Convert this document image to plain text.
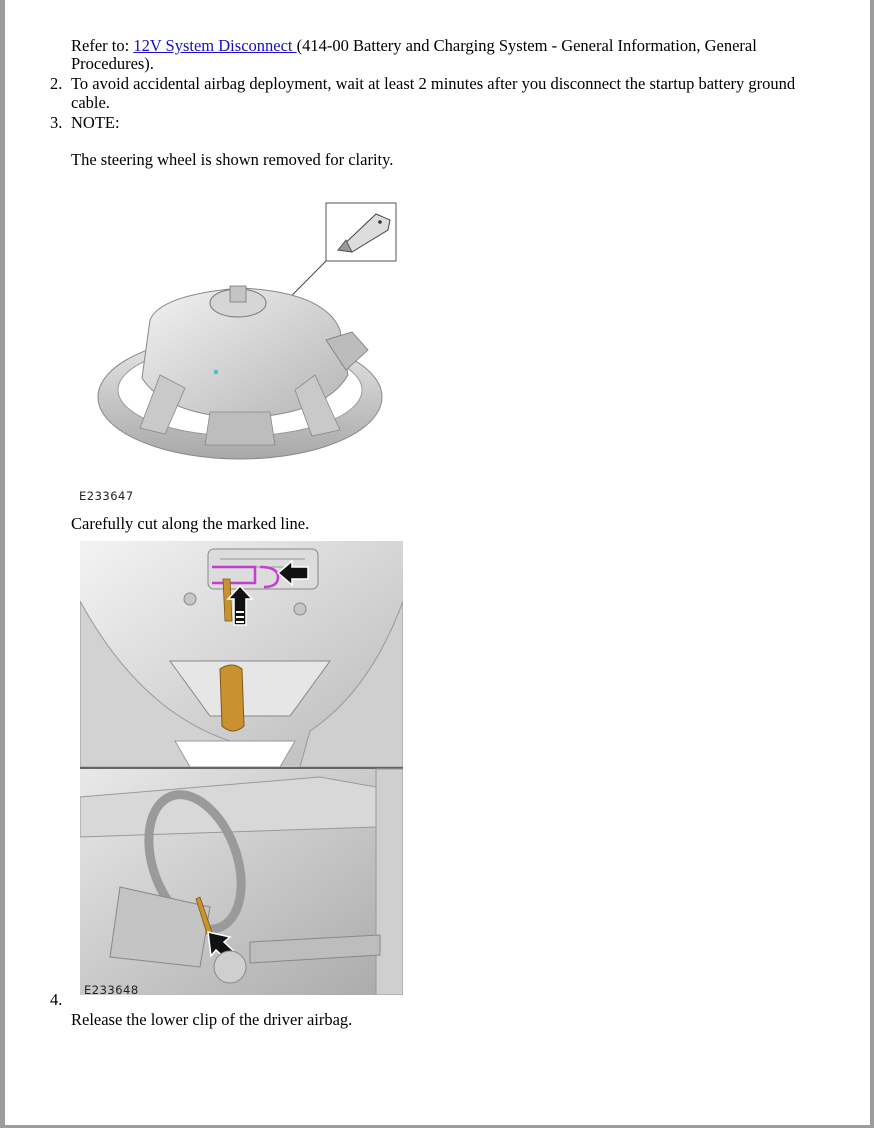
Refer to: 12V System Disconnect (414-00 Battery and Charging System - General Information, General
Procedures).
2. To avoid accidental airbag deployment, wait at least 2 minutes after you disconnect the startup battery ground
cable.
3. NOTE:
The steering wheel is shown removed for clarity.
E233647
Carefully cut along the marked line.
E233648
4.
Release the lower clip of the driver airbag.
